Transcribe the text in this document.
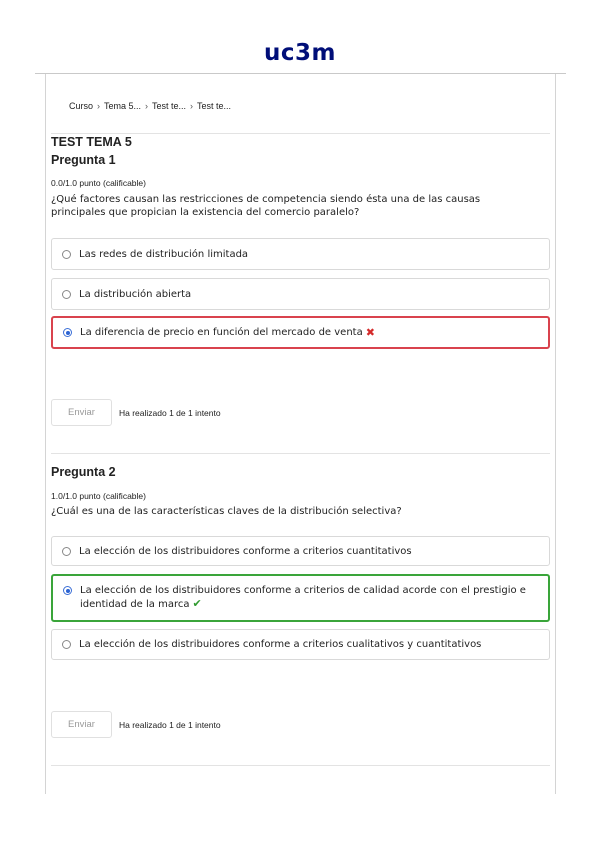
uc3m
Curso › Tema 5... › Test te... › Test te...
TEST TEMA 5
Pregunta 1
0.0/1.0 punto (calificable)
¿Qué factores causan las restricciones de competencia siendo ésta una de las causas principales que propician la existencia del comercio paralelo?
Las redes de distribución limitada
La distribución abierta
La diferencia de precio en función del mercado de venta ✖
Enviar	Ha realizado 1 de 1 intento
Pregunta 2
1.0/1.0 punto (calificable)
¿Cuál es una de las características claves de la distribución selectiva?
La elección de los distribuidores conforme a criterios cuantitativos
La elección de los distribuidores conforme a criterios de calidad acorde con el prestigio e identidad de la marca ✔
La elección de los distribuidores conforme a criterios cualitativos y cuantitativos
Enviar	Ha realizado 1 de 1 intento
